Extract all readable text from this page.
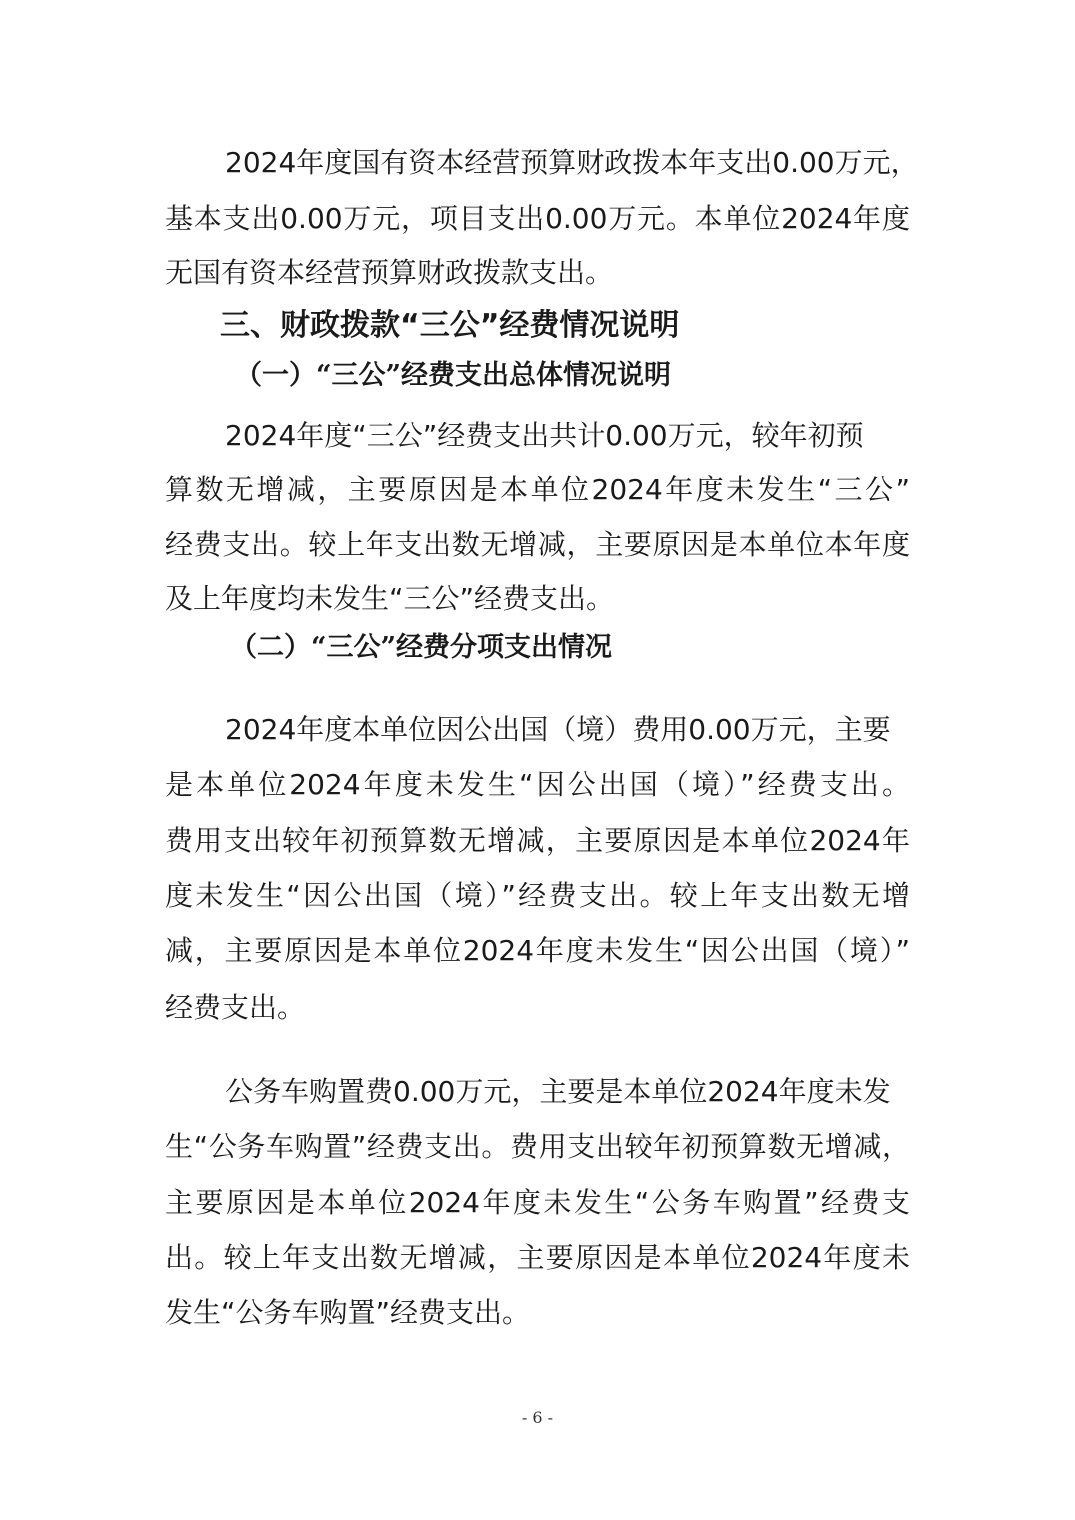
2024年度国有资本经营预算财政拨本年支出0.00万元，
基本支出0.00万元，项目支出0.00万元。本单位2024年度
无国有资本经营预算财政拨款支出。
三、财政拨款“三公”经费情况说明
（一）“三公”经费支出总体情况说明
2024年度“三公”经费支出共计0.00万元，较年初预
算数无增减，主要原因是本单位2024年度未发生“三公”
经费支出。较上年支出数无增减，主要原因是本单位本年度
及上年度均未发生“三公”经费支出。
（二）“三公”经费分项支出情况
2024年度本单位因公出国（境）费用0.00万元，主要
是本单位2024年度未发生“因公出国（境）”经费支出。
费用支出较年初预算数无增减，主要原因是本单位2024年
度未发生“因公出国（境）”经费支出。较上年支出数无增
减，主要原因是本单位2024年度未发生“因公出国（境）”
经费支出。
公务车购置费0.00万元，主要是本单位2024年度未发
生“公务车购置”经费支出。费用支出较年初预算数无增减，
主要原因是本单位2024年度未发生“公务车购置”经费支
出。较上年支出数无增减，主要原因是本单位2024年度未
发生“公务车购置”经费支出。
- 6 -
